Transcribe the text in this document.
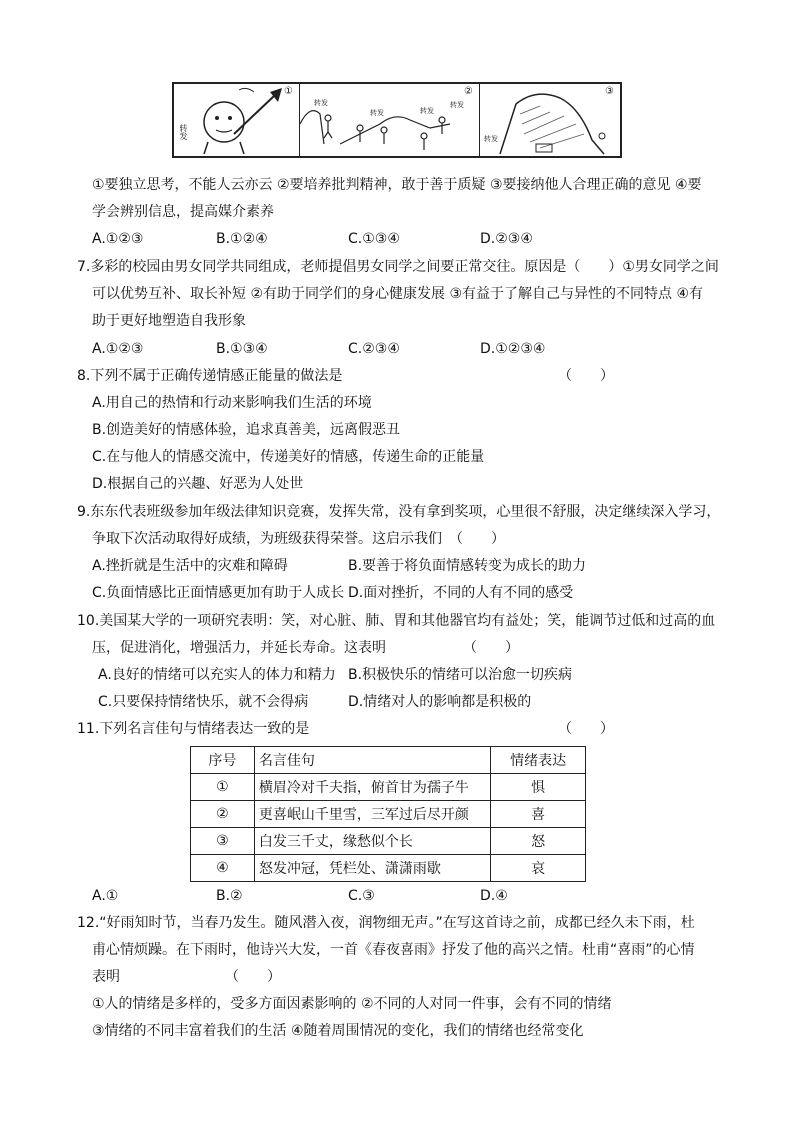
①
转发
②
转发
转发	转发
转发
③
转发
①要独立思考，不能人云亦云 ②要培养批判精神，敢于善于质疑 ③要接纳他人合理正确的意见 ④要
学会辨别信息，提高媒介素养
A.①②③	B.①②④	C.①③④	D.②③④
7.多彩的校园由男女同学共同组成，老师提倡男女同学之间要正常交往。原因是（　　）①男女同学之间
可以优势互补、取长补短 ②有助于同学们的身心健康发展 ③有益于了解自己与异性的不同特点 ④有
助于更好地塑造自我形象
A.①②③	B.①③④	C.②③④	D.①②③④
8.下列不属于正确传递情感正能量的做法是	（　　）
A.用自己的热情和行动来影响我们生活的环境
B.创造美好的情感体验，追求真善美，远离假恶丑
C.在与他人的情感交流中，传递美好的情感，传递生命的正能量
D.根据自己的兴趣、好恶为人处世
9.东东代表班级参加年级法律知识竞赛，发挥失常，没有拿到奖项，心里很不舒服，决定继续深入学习，
争取下次活动取得好成绩，为班级获得荣誉。这启示我们　（　　）
A.挫折就是生活中的灾难和障碍	B.要善于将负面情感转变为成长的助力
C.负面情感比正面情感更加有助于人成长 D.面对挫折，不同的人有不同的感受
10.美国某大学的一项研究表明：笑，对心脏、肺、胃和其他器官均有益处；笑，能调节过低和过高的血
压，促进消化，增强活力，并延长寿命。这表明　　　　　　（　　）
A.良好的情绪可以充实人的体力和精力 B.积极快乐的情绪可以治愈一切疾病
C.只要保持情绪快乐，就不会得病	D.情绪对人的影响都是积极的
11.下列名言佳句与情绪表达一致的是	（　　）
序号	名言佳句	情绪表达
①	横眉冷对千夫指，俯首甘为孺子牛	惧
②	更喜岷山千里雪，三军过后尽开颜	喜
③	白发三千丈，缘愁似个长	怒
④	怒发冲冠，凭栏处、潇潇雨歇	哀
A.①	B.②	C.③	D.④
12.“好雨知时节，当春乃发生。随风潜入夜，润物细无声。”在写这首诗之前，成都已经久未下雨，杜
甫心情烦躁。在下雨时，他诗兴大发，一首《春夜喜雨》抒发了他的高兴之情。杜甫“喜雨”的心情
表明　　　　　　　　（　　）
①人的情绪是多样的，受多方面因素影响的 ②不同的人对同一件事，会有不同的情绪
③情绪的不同丰富着我们的生活 ④随着周围情况的变化，我们的情绪也经常变化
